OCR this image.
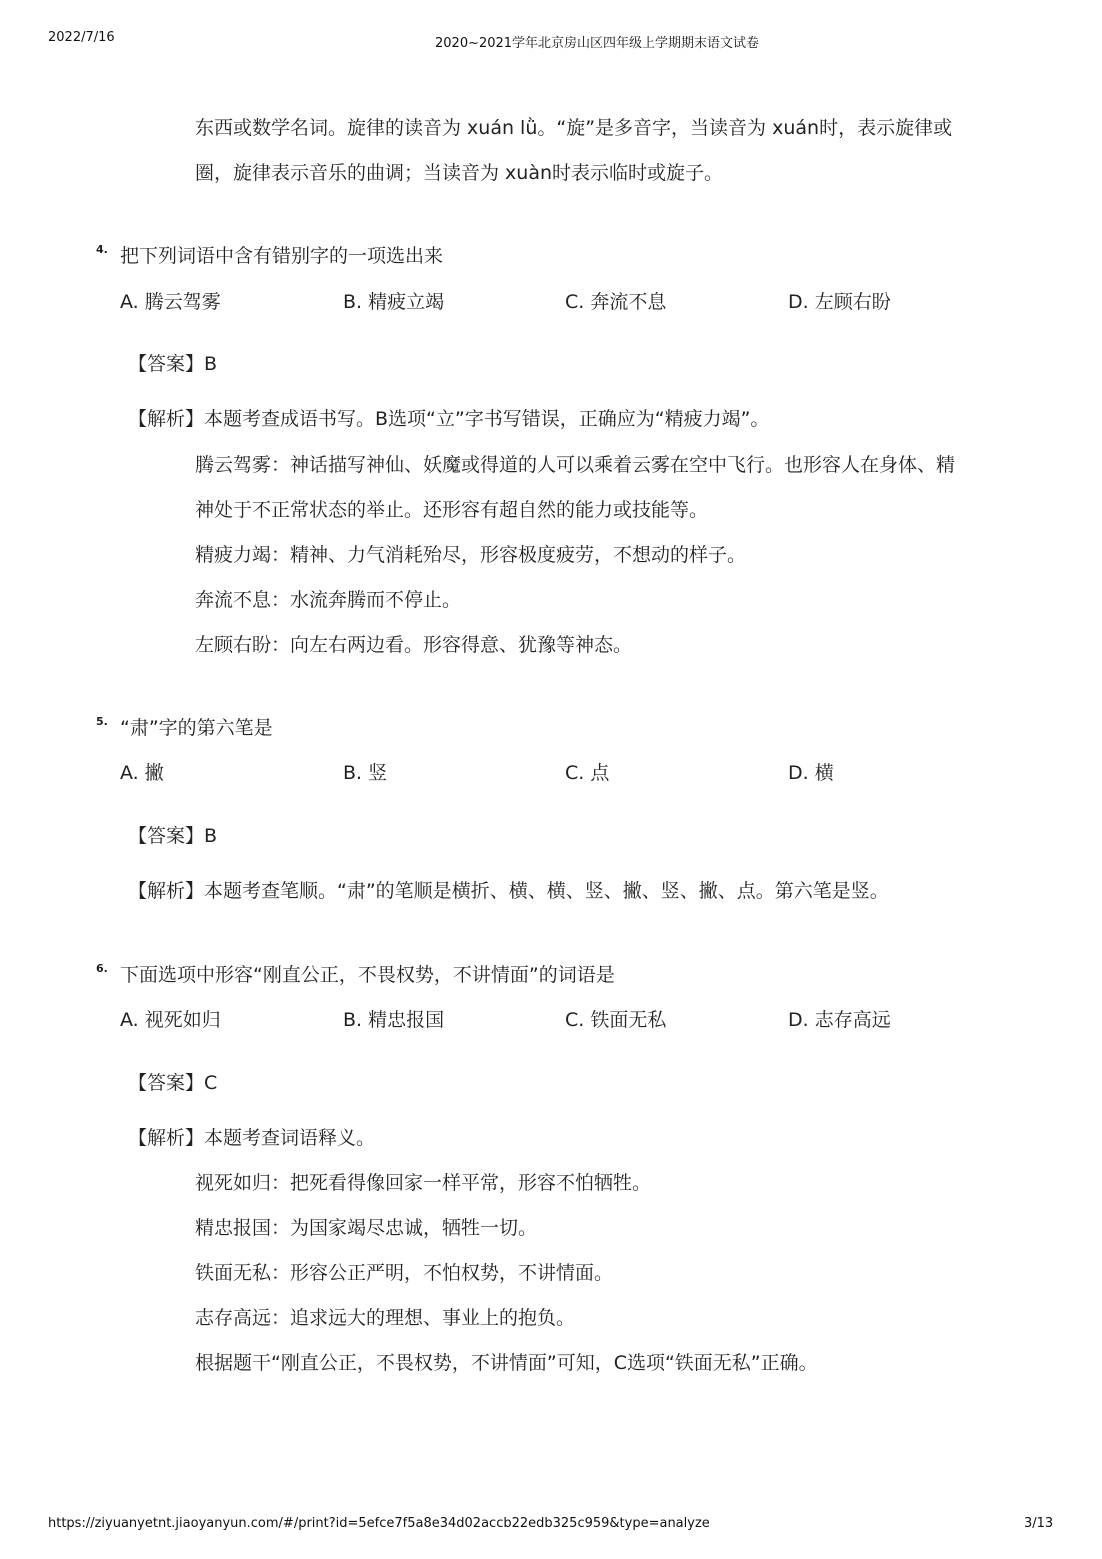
2022/7/16	2020~2021学年北京房山区四年级上学期期末语文试卷
东西或数学名词。旋律的读音为 xuán lǜ。“旋”是多音字，当读音为 xuán时，表示旋律或
圈，旋律表示音乐的曲调；当读音为 xuàn时表示临时或旋子。
4. 把下列词语中含有错别字的一项选出来
A. 腾云驾雾	B. 精疲立竭	C. 奔流不息	D. 左顾右盼
【答案】B
【解析】本题考查成语书写。B选项“立”字书写错误，正确应为“精疲力竭”。
腾云驾雾：神话描写神仙、妖魔或得道的人可以乘着云雾在空中飞行。也形容人在身体、精
神处于不正常状态的举止。还形容有超自然的能力或技能等。
精疲力竭：精神、力气消耗殆尽，形容极度疲劳，不想动的样子。
奔流不息：水流奔腾而不停止。
左顾右盼：向左右两边看。形容得意、犹豫等神态。
5. “肃”字的第六笔是
A. 撇	B. 竖	C. 点	D. 横
【答案】B
【解析】本题考查笔顺。“肃”的笔顺是横折、横、横、竖、撇、竖、撇、点。第六笔是竖。
6. 下面选项中形容“刚直公正，不畏权势，不讲情面”的词语是
A. 视死如归	B. 精忠报国	C. 铁面无私	D. 志存高远
【答案】C
【解析】本题考查词语释义。
视死如归：把死看得像回家一样平常，形容不怕牺牲。
精忠报国：为国家竭尽忠诚，牺牲一切。
铁面无私：形容公正严明，不怕权势，不讲情面。
志存高远：追求远大的理想、事业上的抱负。
根据题干“刚直公正，不畏权势，不讲情面”可知，C选项“铁面无私”正确。
https://ziyuanyetnt.jiaoyanyun.com/#/print?id=5efce7f5a8e34d02accb22edb325c959&type=analyze	3/13
